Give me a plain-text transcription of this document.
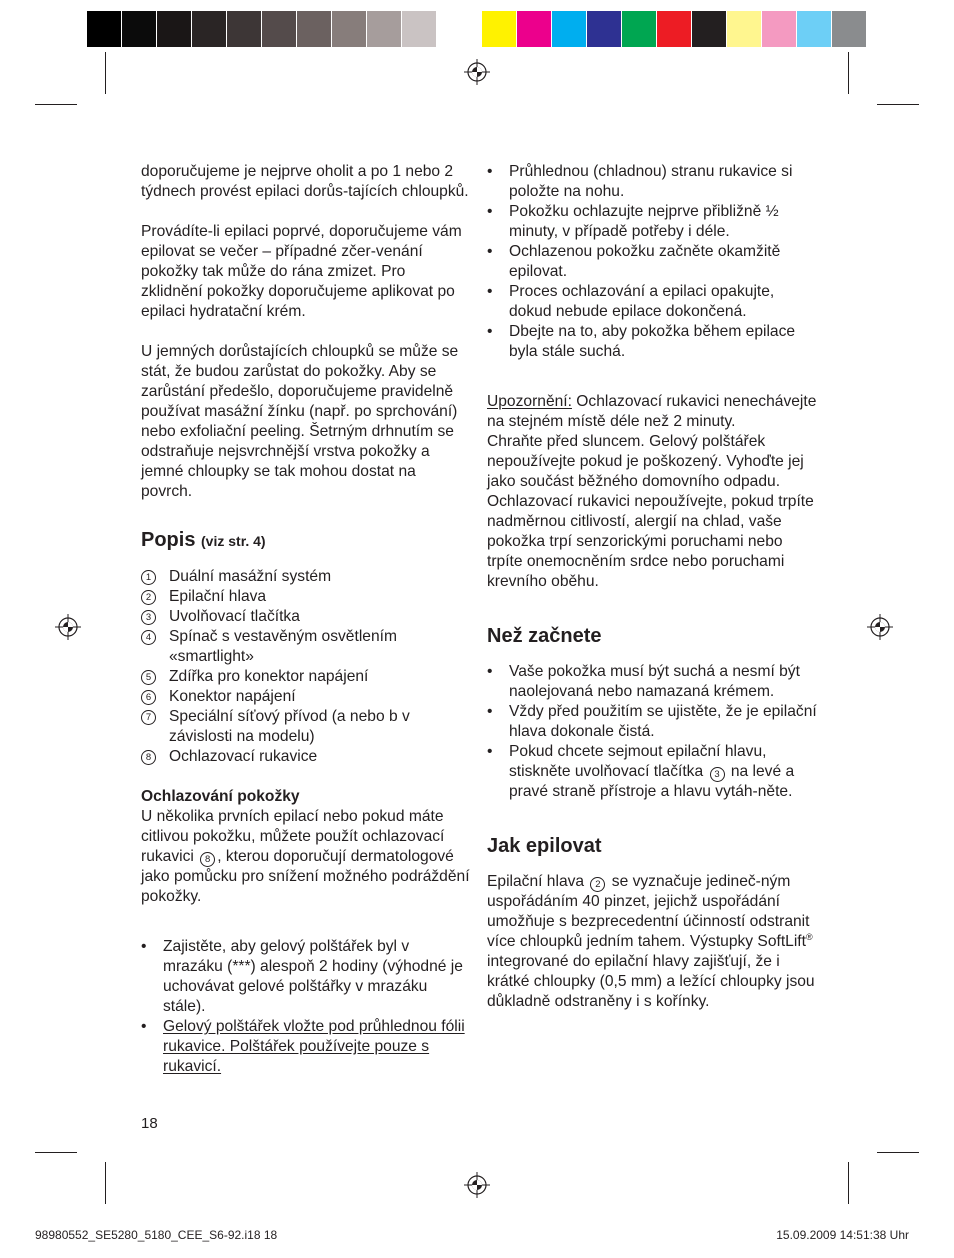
doporučujeme je nejprve oholit a po 1 nebo 2 týdnech provést epilaci dorůs-tajících chloupků.

Provádíte-li epilaci poprvé, doporučujeme vám epilovat se večer – případné zčer-venání pokožky tak může do rána zmizet. Pro zklidnění pokožky doporučujeme aplikovat po epilaci hydratační krém.

U jemných dorůstajících chloupků se může se stát, že budou zarůstat do pokožky. Aby se zarůstání předešlo, doporučujeme pravidelně používat masážní žínku (např. po sprchování) nebo exfoliační peeling. Šetrným drhnutím se odstraňuje nejsvrchnější vrstva pokožky a jemné chloupky se tak mohou dostat na povrch.

Popis (viz str. 4)
1	Duální masážní systém
2	Epilační hlava
3	Uvolňovací tlačítka
4	Spínač s vestavěným osvětlením «smartlight»
5	Zdířka pro konektor napájení
6	Konektor napájení
7	Speciální síťový přívod (a nebo b v závislosti na modelu)
8	Ochlazovací rukavice
Ochlazování pokožky

U několika prvních epilací nebo pokud máte citlivou pokožku, můžete použít ochlazovací rukavici 8 , kterou doporučují dermatologové jako pomůcku pro snížení možného podráždění pokožky.

•	Zajistěte, aby gelový polštářek byl v mrazáku (***) alespoň 2 hodiny (výhodné je uchovávat gelové polštářky v mrazáku stále).
•	Gelový polštářek vložte pod průhlednou fólii rukavice. Polštářek používejte pouze s rukavicí.
•	Průhlednou (chladnou) stranu rukavice si položte na nohu.
•	Pokožku ochlazujte nejprve přibližně ½ minuty, v případě potřeby i déle.
•	Ochlazenou pokožku začněte okamžitě epilovat.
•	Proces ochlazování a epilaci opakujte, dokud nebude epilace dokončená.
•	Dbejte na to, aby pokožka během epilace byla stále suchá.

Upozornění: Ochlazovací rukavici nenechávejte na stejném místě déle než 2 minuty.

Chraňte před sluncem. Gelový polštářek nepoužívejte pokud je poškozený. Vyhoďte jej jako součást běžného domovního odpadu. Ochlazovací rukavici nepoužívejte, pokud trpíte nadměrnou citlivostí, alergií na chlad, vaše pokožka trpí senzorickými poruchami nebo trpíte onemocněním srdce nebo poruchami krevního oběhu.

Než začnete
•	Vaše pokožka musí být suchá a nesmí být naolejovaná nebo namazaná krémem.
•	Vždy před použitím se ujistěte, že je epilační hlava dokonale čistá.
•	Pokud chcete sejmout epilační hlavu, stiskněte uvolňovací tlačítka 3 na levé a pravé straně přístroje a hlavu vytáh-něte.
Jak epilovat

Epilační hlava 2 se vyznačuje jedineč-ným uspořádáním 40 pinzet, jejichž uspořádání umožňuje s bezprecedentní účinností odstranit více chloupků jedním tahem. Výstupky SoftLift® integrované do epilační hlavy zajišťují, že i krátké chloupky (0,5 mm) a ležící chloupky jsou důkladně odstraněny i s kořínky.

18
98980552_SE5280_5180_CEE_S6-92.i18 18	15.09.2009 14:51:38 Uhr
